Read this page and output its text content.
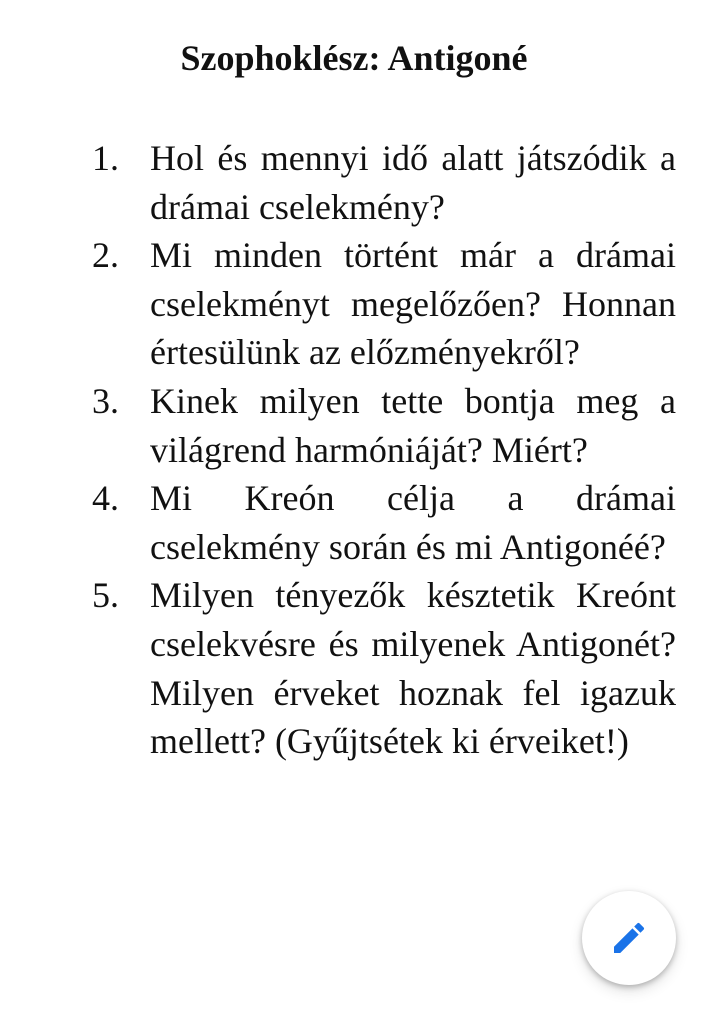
Szophoklész: Antigoné
1. Hol és mennyi idő alatt játszódik a drámai cselekmény?
2. Mi minden történt már a drámai cselekményt megelőzően? Honnan értesülünk az előzményekről?
3. Kinek milyen tette bontja meg a világrend harmóniáját? Miért?
4. Mi Kreón célja a drámai cselekmény során és mi Antigonéé?
5. Milyen tényezők késztetik Kreónt cselekvésre és milyenek Antigonét? Milyen érveket hoznak fel igazuk mellett? (Gyűjtsétek ki érveiket!)
